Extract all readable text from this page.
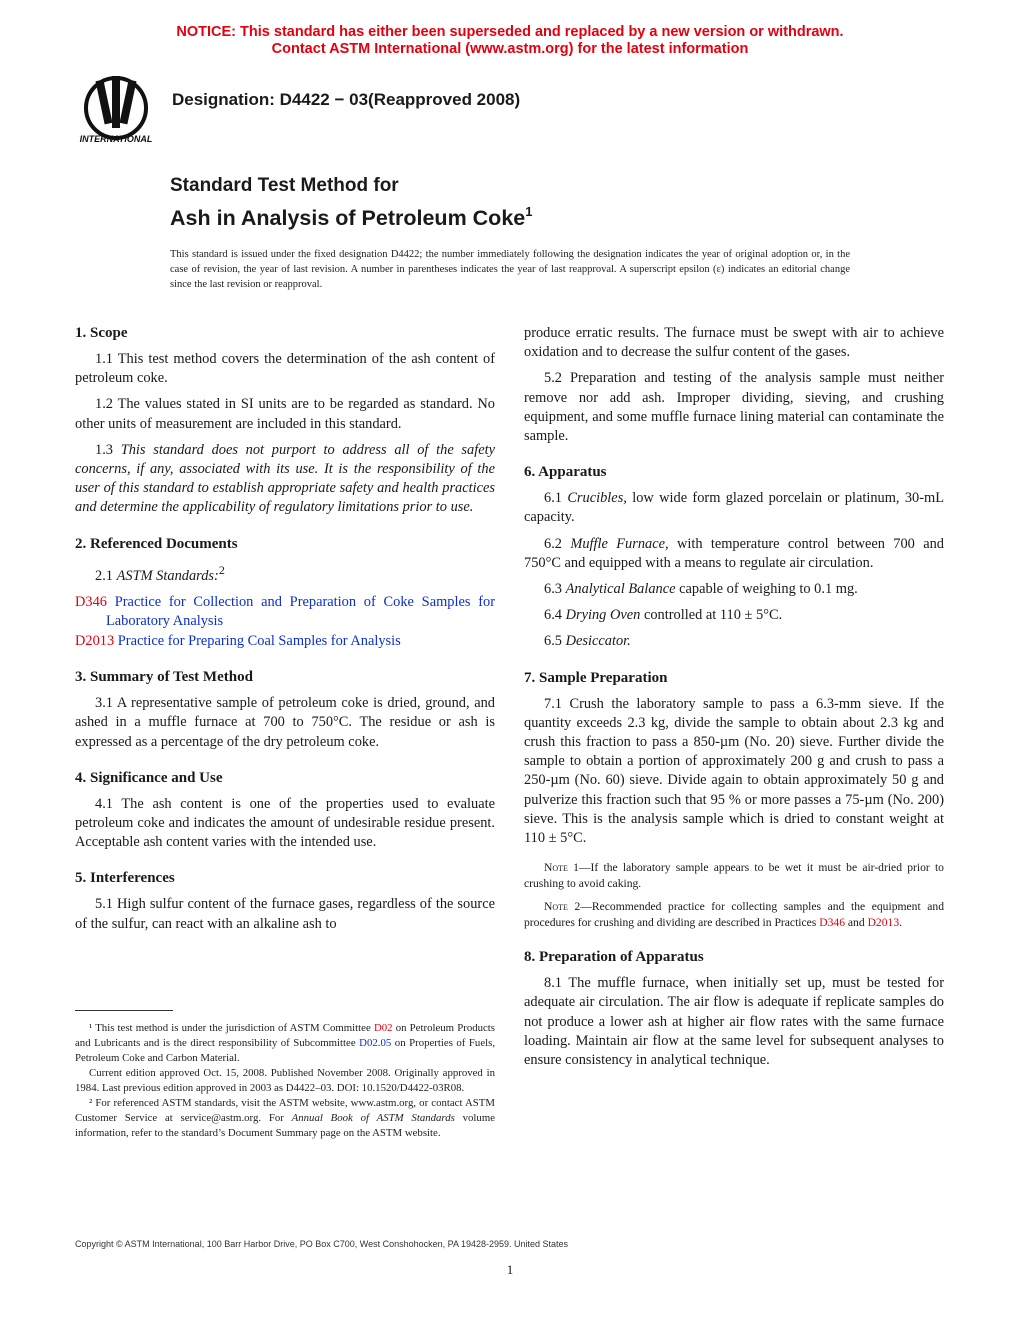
NOTICE: This standard has either been superseded and replaced by a new version or withdrawn.
Contact ASTM International (www.astm.org) for the latest information
INTERNATIONAL
Designation: D4422 − 03(Reapproved 2008)
Standard Test Method for
Ash in Analysis of Petroleum Coke$^1$
This standard is issued under the fixed designation D4422; the number immediately following the designation indicates the year of original adoption or, in the case of revision, the year of last revision. A number in parentheses indicates the year of last reapproval. A superscript epsilon (ε) indicates an editorial change since the last revision or reapproval.
1. Scope

1.1 This test method covers the determination of the ash content of petroleum coke.

1.2 The values stated in SI units are to be regarded as standard. No other units of measurement are included in this standard.

1.3 This standard does not purport to address all of the safety concerns, if any, associated with its use. It is the responsibility of the user of this standard to establish appropriate safety and health practices and determine the applicability of regulatory limitations prior to use.

2. Referenced Documents

2.1 ASTM Standards:$^2$

D346 Practice for Collection and Preparation of Coke Samples for Laboratory Analysis
D2013 Practice for Preparing Coal Samples for Analysis
3. Summary of Test Method

3.1 A representative sample of petroleum coke is dried, ground, and ashed in a muffle furnace at 700 to 750°C. The residue or ash is expressed as a percentage of the dry petroleum coke.

4. Significance and Use

4.1 The ash content is one of the properties used to evaluate petroleum coke and indicates the amount of undesirable residue present. Acceptable ash content varies with the intended use.

5. Interferences

5.1 High sulfur content of the furnace gases, regardless of the source of the sulfur, can react with an alkaline ash to

produce erratic results. The furnace must be swept with air to achieve oxidation and to decrease the sulfur content of the gases.

5.2 Preparation and testing of the analysis sample must neither remove nor add ash. Improper dividing, sieving, and crushing equipment, and some muffle furnace lining material can contaminate the sample.

6. Apparatus

6.1 Crucibles, low wide form glazed porcelain or platinum, 30-mL capacity.

6.2 Muffle Furnace, with temperature control between 700 and 750°C and equipped with a means to regulate air circulation.

6.3 Analytical Balance capable of weighing to 0.1 mg.

6.4 Drying Oven controlled at 110 ± 5°C.

6.5 Desiccator.

7. Sample Preparation

7.1 Crush the laboratory sample to pass a 6.3-mm sieve. If the quantity exceeds 2.3 kg, divide the sample to obtain about 2.3 kg and crush this fraction to pass a 850-µm (No. 20) sieve. Further divide the sample to obtain a portion of approximately 200 g and crush to pass a 250-µm (No. 60) sieve. Divide again to obtain approximately 50 g and pulverize this fraction such that 95 % or more passes a 75-µm (No. 200) sieve. This is the analysis sample which is dried to constant weight at 110 ± 5°C.

Note 1—If the laboratory sample appears to be wet it must be air-dried prior to crushing to avoid caking.

Note 2—Recommended practice for collecting samples and the equipment and procedures for crushing and dividing are described in Practices D346 and D2013.

8. Preparation of Apparatus

8.1 The muffle furnace, when initially set up, must be tested for adequate air circulation. The air flow is adequate if replicate samples do not produce a lower ash at higher air flow rates with the same furnace loading. Maintain air flow at the same level for subsequent analyses to ensure consistency in analytical technique.

¹ This test method is under the jurisdiction of ASTM Committee D02 on Petroleum Products and Lubricants and is the direct responsibility of Subcommittee D02.05 on Properties of Fuels, Petroleum Coke and Carbon Material.

Current edition approved Oct. 15, 2008. Published November 2008. Originally approved in 1984. Last previous edition approved in 2003 as D4422–03. DOI: 10.1520/D4422-03R08.

² For referenced ASTM standards, visit the ASTM website, www.astm.org, or contact ASTM Customer Service at service@astm.org. For Annual Book of ASTM Standards volume information, refer to the standard’s Document Summary page on the ASTM website.

Copyright © ASTM International, 100 Barr Harbor Drive, PO Box C700, West Conshohocken, PA 19428-2959. United States
1
